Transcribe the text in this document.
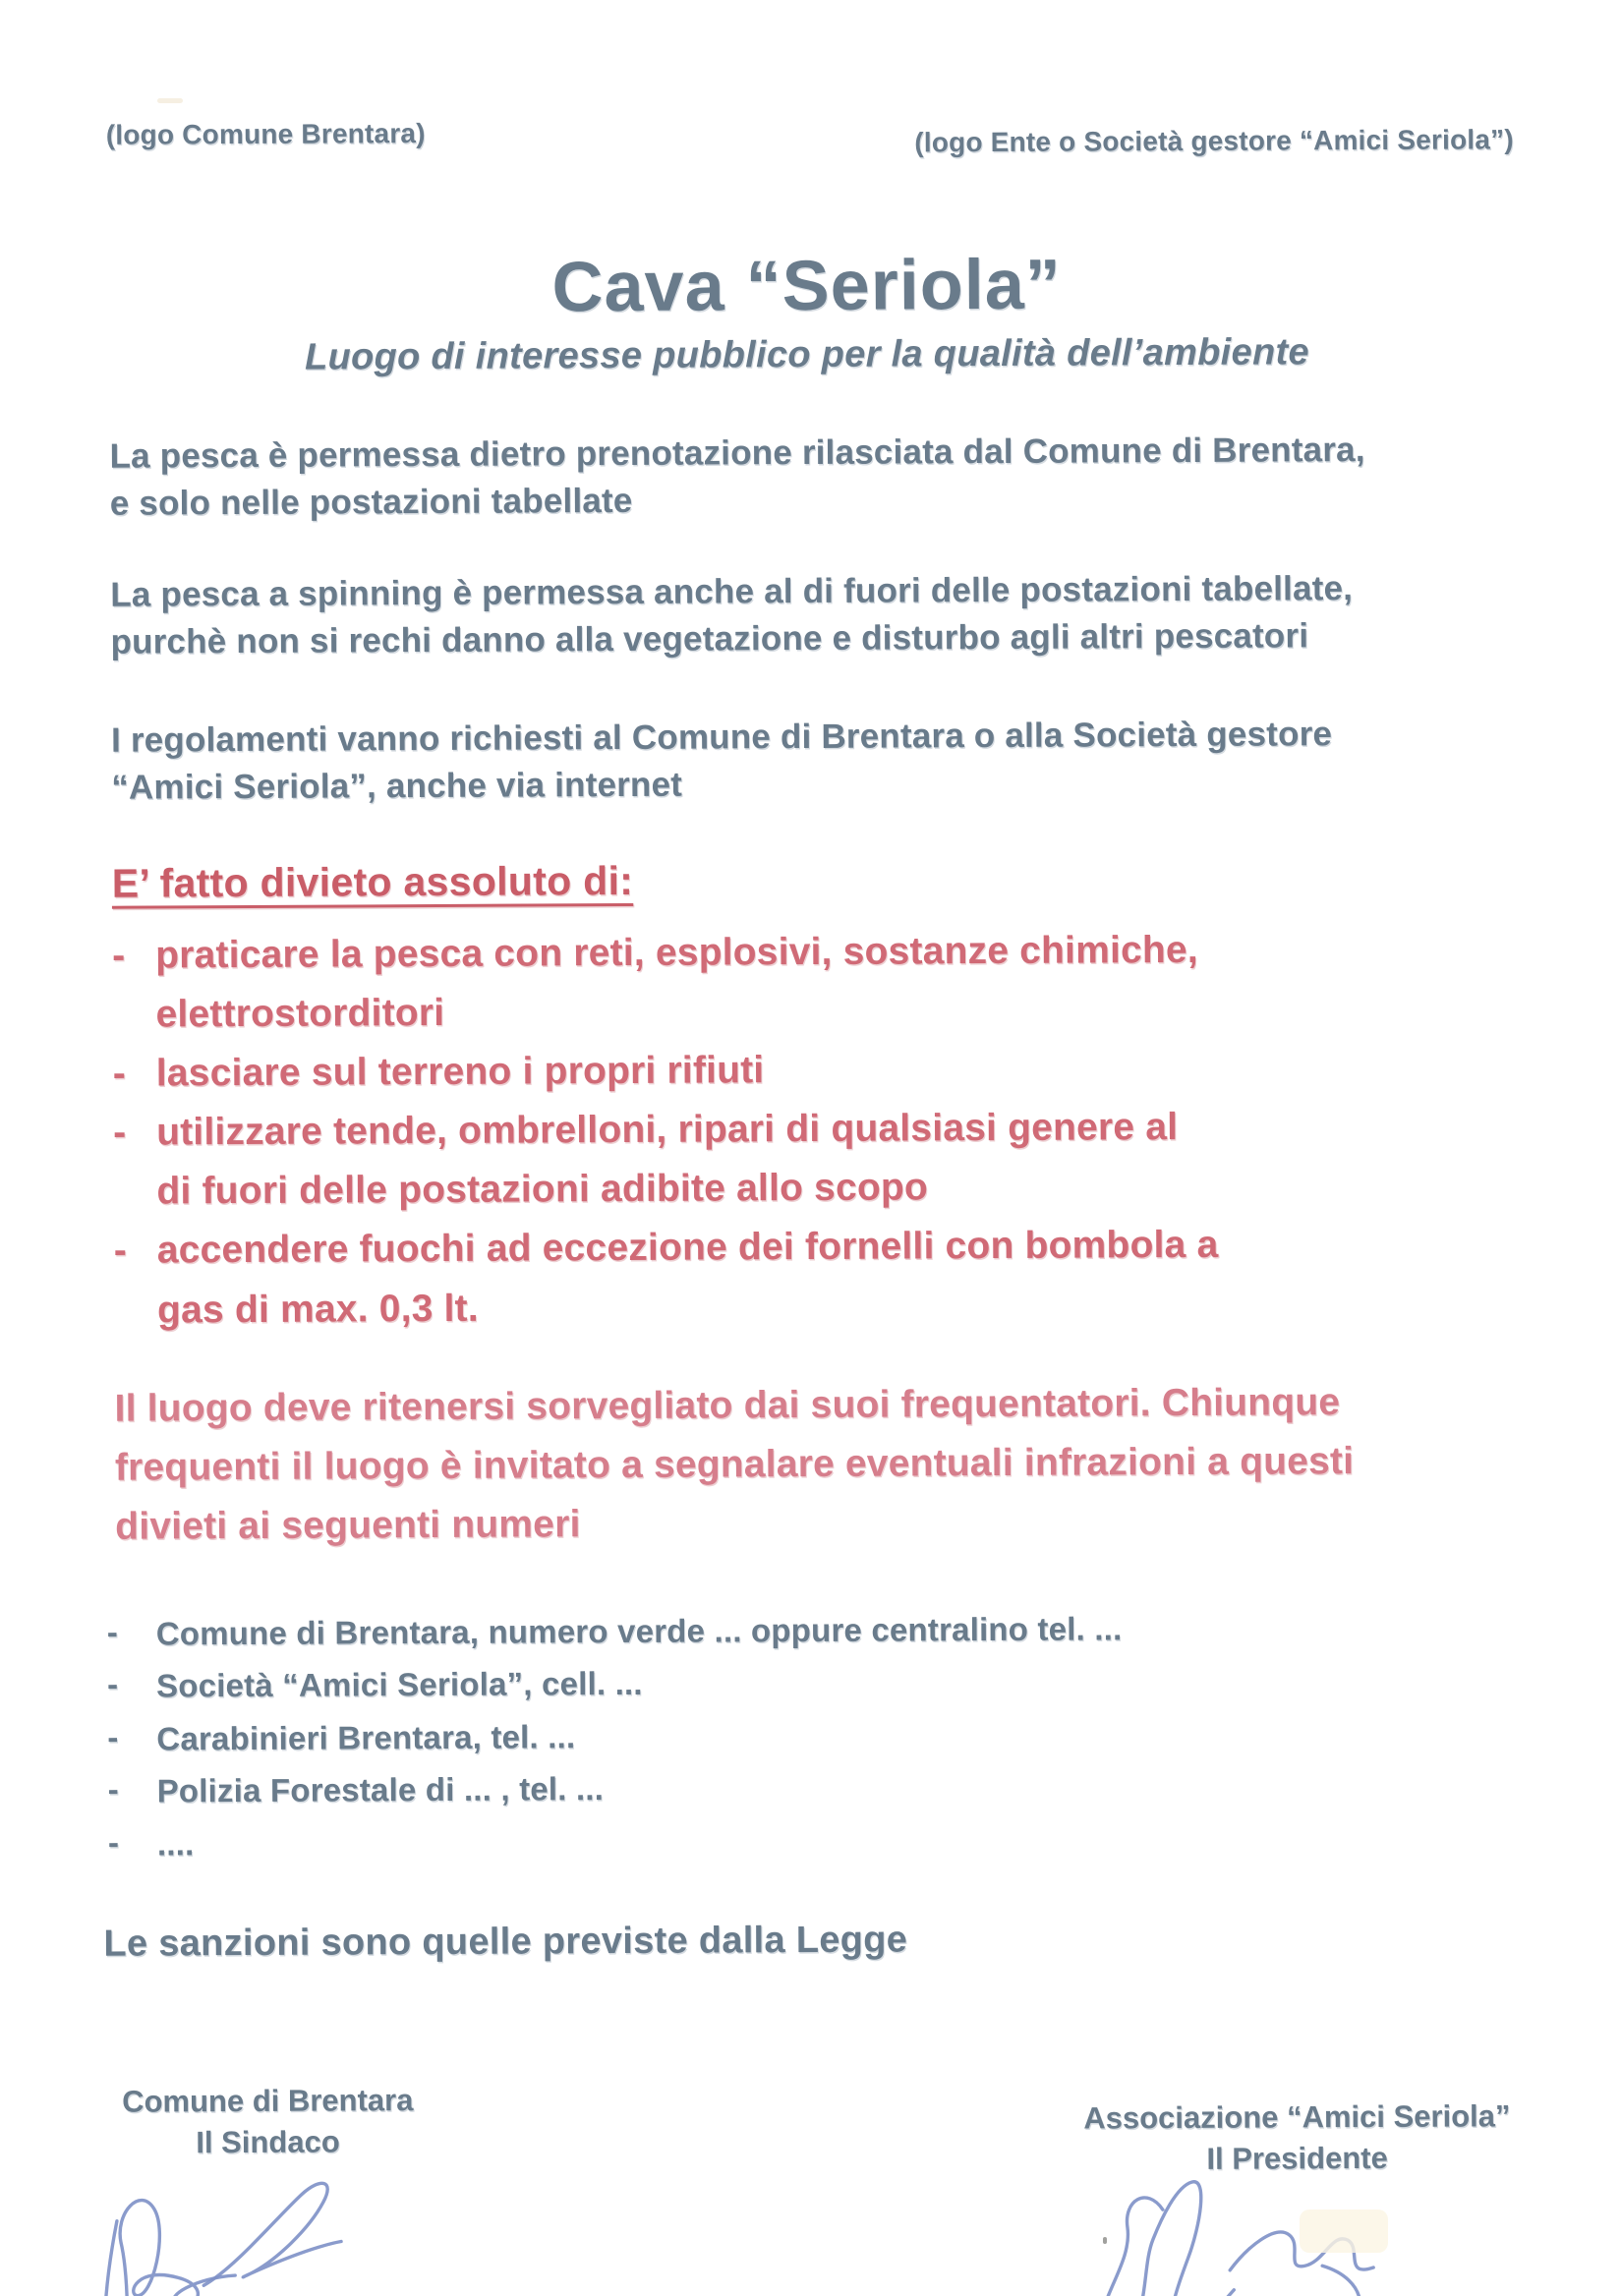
(logo Comune Brentara)	(logo Ente o Società gestore “Amici Seriola”)
Cava “Seriola”
Luogo di interesse pubblico per la qualità dell’ambiente

La pesca è permessa dietro prenotazione rilasciata dal Comune di Brentara,
e solo nelle postazioni tabellate

La pesca a spinning è permessa anche al di fuori delle postazioni tabellate,
purchè non si rechi danno alla vegetazione e disturbo agli altri pescatori

I regolamenti vanno richiesti al Comune di Brentara o alla Società gestore
“Amici Seriola”, anche via internet

E’ fatto divieto assoluto di:
- praticare la pesca con reti, esplosivi, sostanze chimiche,
elettrostorditori
- lasciare sul terreno i propri rifiuti
- utilizzare tende, ombrelloni, ripari di qualsiasi genere al
di fuori delle postazioni adibite allo scopo
- accendere fuochi ad eccezione dei fornelli con bombola a
gas di max. 0,3 lt.

Il luogo deve ritenersi sorvegliato dai suoi frequentatori. Chiunque
frequenti il luogo è invitato a segnalare eventuali infrazioni a questi
divieti ai seguenti numeri

- Comune di Brentara, numero verde ... oppure centralino tel. ...
- Società “Amici Seriola”, cell. ...
- Carabinieri Brentara, tel. ...
- Polizia Forestale di ... , tel. ...
- ....
Le sanzioni sono quelle previste dalla Legge
Comune di Brentara
Il Sindaco
Associazione “Amici Seriola”
Il Presidente
